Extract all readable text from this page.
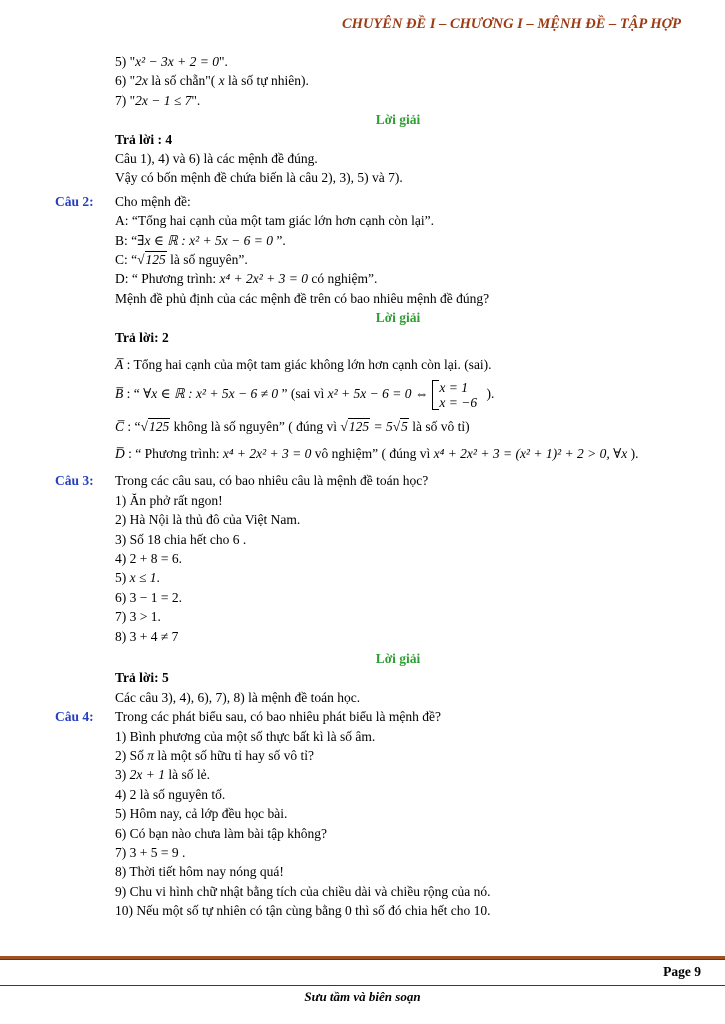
CHUYÊN ĐỀ I – CHƯƠNG I – MỆNH ĐỀ – TẬP HỢP
5) "x² − 3x + 2 = 0".
6) "2x là số chẵn"( x là số tự nhiên).
7) "2x − 1 ≤ 7".
Lời giải
Trả lời : 4
Câu 1), 4) và 6) là các mệnh đề đúng.
Vậy có bốn mệnh đề chứa biến là câu 2), 3), 5) và 7).
Câu 2: Cho mệnh đề:
A: “Tổng hai cạnh của một tam giác lớn hơn cạnh còn lại”.
B: “∃x ∈ ℝ : x² + 5x − 6 = 0 ”.
C: “√125 là số nguyên”.
D: “ Phương trình: x⁴ + 2x² + 3 = 0 có nghiệm”.
Mệnh đề phủ định của các mệnh đề trên có bao nhiêu mệnh đề đúng?
Lời giải
Trả lời: 2
A̅ : Tổng hai cạnh của một tam giác không lớn hơn cạnh còn lại. (sai).
B̅ : “ ∀x ∈ ℝ : x² + 5x − 6 ≠ 0 ” (sai vì x² + 5x − 6 = 0 ⇔ x = 1
x = −6
).
C̅ : “√125 không là số nguyên” ( đúng vì √125 = 5√5 là số vô tỉ)
D̅ : “ Phương trình: x⁴ + 2x² + 3 = 0 vô nghiệm” ( đúng vì x⁴ + 2x² + 3 = (x² + 1)² + 2 > 0, ∀x ).
Câu 3: Trong các câu sau, có bao nhiêu câu là mệnh đề toán học?
1) Ăn phở rất ngon!
2) Hà Nội là thủ đô của Việt Nam.
3) Số 18 chia hết cho 6 .
4) 2 + 8 = 6.
5) x ≤ 1.
6) 3 − 1 = 2.
7) 3 > 1.
8) 3 + 4 ≠ 7
Lời giải
Trả lời: 5
Các câu 3), 4), 6), 7), 8) là mệnh đề toán học.
Câu 4: Trong các phát biểu sau, có bao nhiêu phát biểu là mệnh đề?
1) Bình phương của một số thực bất kì là số âm.
2) Số π là một số hữu tỉ hay số vô tỉ?
3) 2x + 1 là số lẻ.
4) 2 là số nguyên tố.
5) Hôm nay, cả lớp đều học bài.
6) Có bạn nào chưa làm bài tập không?
7) 3 + 5 = 9 .
8) Thời tiết hôm nay nóng quá!
9) Chu vi hình chữ nhật bằng tích của chiều dài và chiều rộng của nó.
10) Nếu một số tự nhiên có tận cùng bằng 0 thì số đó chia hết cho 10.
Page 9
Sưu tầm và biên soạn
